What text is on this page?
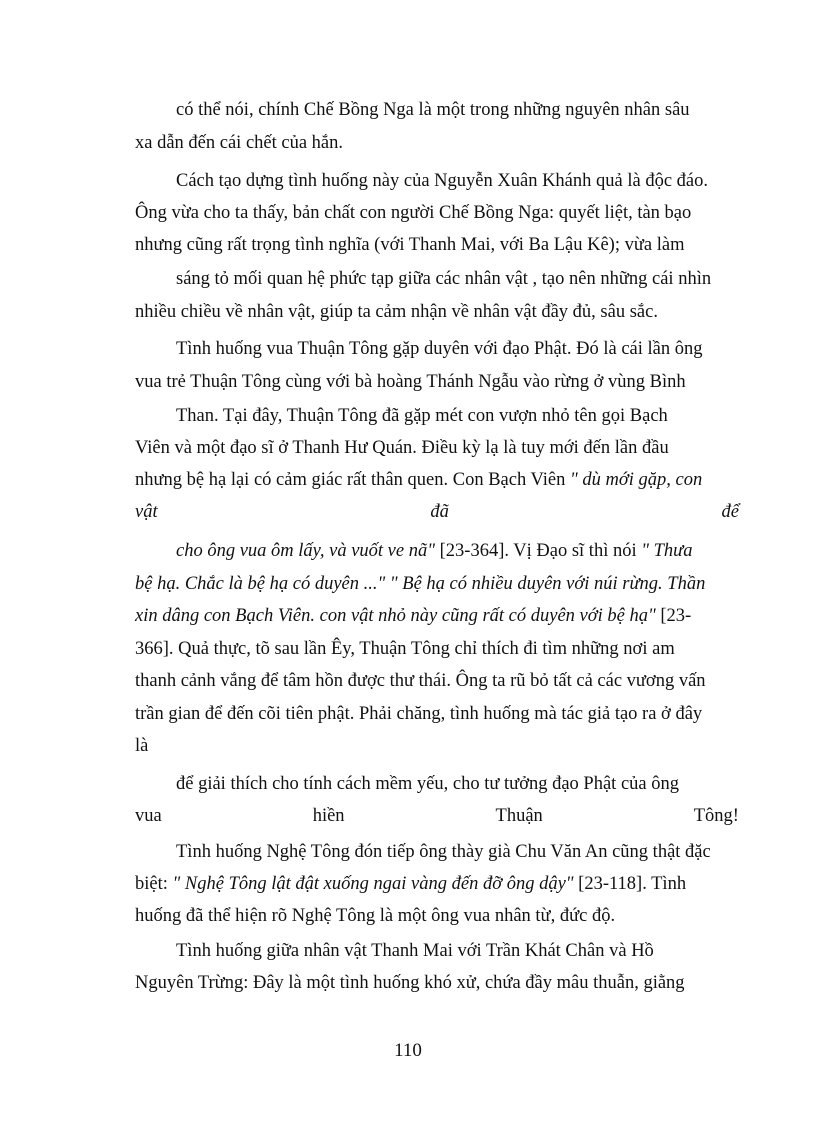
có thể nói, chính Chế Bồng Nga là một trong những nguyên nhân sâu
xa dẫn đến cái chết của hắn.
Cách tạo dựng tình huống này của Nguyễn Xuân Khánh quả là độc đáo.
Ông vừa cho ta thấy, bản chất con người Chế Bồng Nga: quyết liệt, tàn bạo
nhưng cũng rất trọng tình nghĩa (với Thanh Mai, với Ba Lậu Kê); vừa làm
sáng tỏ mối quan hệ phức tạp giữa các nhân vật , tạo nên những cái nhìn
nhiều chiều về nhân vật, giúp ta cảm nhận về nhân vật đầy đủ, sâu sắc.
Tình huống vua Thuận Tông gặp duyên với đạo Phật. Đó là cái lần ông
vua trẻ Thuận Tông cùng với bà hoàng Thánh Ngẫu vào rừng ở vùng Bình
Than. Tại đây, Thuận Tông đã gặp mét con vượn nhỏ tên gọi Bạch
Viên và một đạo sĩ ở Thanh Hư Quán. Điều kỳ lạ là tuy mới đến lần đầu
nhưng bệ hạ lại có cảm giác rất thân quen. Con Bạch Viên " dù mới gặp, con
vật	đã	để
cho ông vua ôm lấy, và vuốt ve nã" [23-364]. Vị Đạo sĩ thì nói " Thưa
bệ hạ. Chắc là bệ hạ có duyên ..." " Bệ hạ có nhiều duyên với núi rừng. Thần
xin dâng con Bạch Viên. con vật nhỏ này cũng rất có duyên với bệ hạ" [23-
366]. Quả thực, tõ sau lần Êy, Thuận Tông chỉ thích đi tìm những nơi am
thanh cảnh vắng để tâm hồn được thư thái. Ông ta rũ bỏ tất cả các vương vấn
trần gian để đến cõi tiên phật. Phải chăng, tình huống mà tác giả tạo ra ở đây
là
để giải thích cho tính cách mềm yếu, cho tư tưởng đạo Phật của ông
vua	hiền	Thuận	Tông!
Tình huống Nghệ Tông đón tiếp ông thày già Chu Văn An cũng thật đặc
biệt: " Nghệ Tông lật đật xuống ngai vàng đến đỡ ông dậy" [23-118]. Tình
huống đã thể hiện rõ Nghệ Tông là một ông vua nhân từ, đức độ.
Tình huống giữa nhân vật Thanh Mai với Trần Khát Chân và Hồ
Nguyên Trừng: Đây là một tình huống khó xử, chứa đầy mâu thuẫn, giằng
110
